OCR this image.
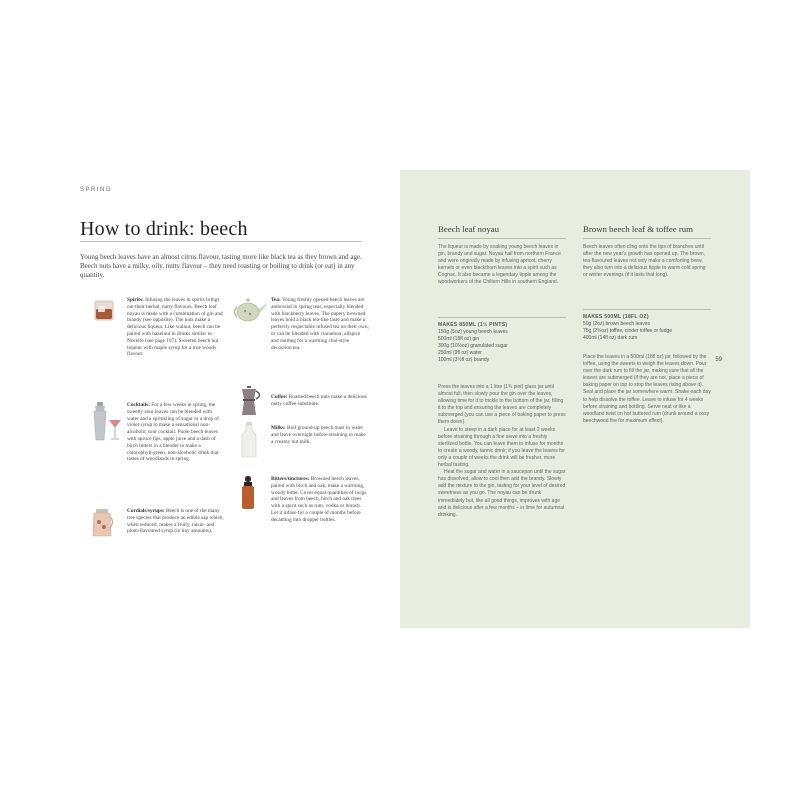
SPRING
How to drink: beech

Young beech leaves have an almost citrus flavour, tasting more like black tea as they brown and age. Beech nuts have a milky, oily, nutty flavour – they need roasting or boiling to drink (or eat) in any quantity.

Spirits: Infusing the leaves in spirits brings out their herbal, nutty flavours. Beech leaf noyau is made with a combination of gin and brandy (see opposite). The nuts make a delicious liqueur. Like walnut, beech can be paired with hazelnut in drinks similar to Nocello (see page 107). Sweeten beech nut liqueur with maple syrup for a true woody flavour.
Cocktails: For a few weeks in spring, the sweetly sour leaves can be blended with water and a sprinkling of sugar or a drop of violet syrup to make a sensational non-alcoholic sour cocktail. Purée beech leaves with spruce tips, apple juice and a dash of birch bitters in a blender to make a chlorophyll-green, non-alcoholic drink that tastes of woodlands in spring.
Cordials/syrups: Beech is one of the many tree species that produce an edible sap which, when reduced, makes a fruity, raisin- and plum-flavoured syrup (in tiny amounts).
Tea: Young freshly opened beech leaves are ambrosial in spring teas, especially blended with blackberry leaves. The papery browned leaves hold a black tea-like taste and make a perfectly respectable infused tea on their own, or can be blended with cinnamon, allspice and nutmeg for a warming chai-style decoction tea.
Coffee: Roasted beech nuts make a delicious nutty coffee substitute.
Milks: Boil ground-up beech mast in water and leave overnight before straining to make a creamy nut milk.
Bitters/tinctures: Browned beech leaves, paired with birch and oak, make a warming, woody bitter. Cover equal quantities of twigs and leaves from beech, birch and oak trees with a spirit such as rum, vodka or brandy. Let it infuse for a couple of months before decanting into dropper bottles.
59
Beech leaf noyau

The liqueur is made by soaking young beech leaves in gin, brandy and sugar. Noyau hail from northern France and were originally made by infusing apricot, cherry kernels or even blackthorn leaves into a spirit such as Cognac. It also became a legendary tipple among the woodworkers of the Chiltern Hills in southern England.

MAKES 850ML (1½ PINTS)
150g (5oz) young beech leaves
500ml (18fl oz) gin
300g (10½oz) granulated sugar
250ml (9fl oz) water
100ml (3½fl oz) brandy

Press the leaves into a 1 litre (1¾ pint) glass jar until almost full, then slowly pour the gin over the leaves, allowing time for it to trickle to the bottom of the jar, filling it to the top and ensuring the leaves are completely submerged (you can use a piece of baking paper to press them down).

Leave to steep in a dark place for at least 2 weeks before straining through a fine sieve into a freshly sterilized bottle. You can leave them to infuse for months to create a woody, tannic drink; if you leave the leaves for only a couple of weeks the drink will be fresher, more herbal tasting.

Heat the sugar and water in a saucepan until the sugar has dissolved, allow to cool then add the brandy. Slowly add the mixture to the gin, tasting for your level of desired sweetness as you go. The noyau can be drunk immediately but, like all good things, improves with age and is delicious after a few months – in time for autumnal drinking.

Brown beech leaf & toffee rum

Beech leaves often cling onto the tips of branches until after the new year's growth has opened up. The brown, tea-flavoured leaves not only make a comforting brew, they also turn into a delicious tipple to warm cold spring or winter evenings (if it lasts that long).

MAKES 500ML (18FL OZ)
50g (2oz) brown beech leaves
75g (2¾oz) toffee, cinder toffee or fudge
400ml (14fl oz) dark rum

Place the leaves in a 500ml (18fl oz) jar, followed by the toffee, using the sweets to weigh the leaves down. Pour over the dark rum to fill the jar, making sure that all the leaves are submerged (if they are not, place a piece of baking paper on top to stop the leaves rising above it). Seal and place the jar somewhere warm. Shake each day to help dissolve the toffee. Leave to infuse for 4 weeks before straining and bottling. Serve neat or like a woodland twist on hot buttered rum (drunk around a cosy beechwood fire for maximum effect).
